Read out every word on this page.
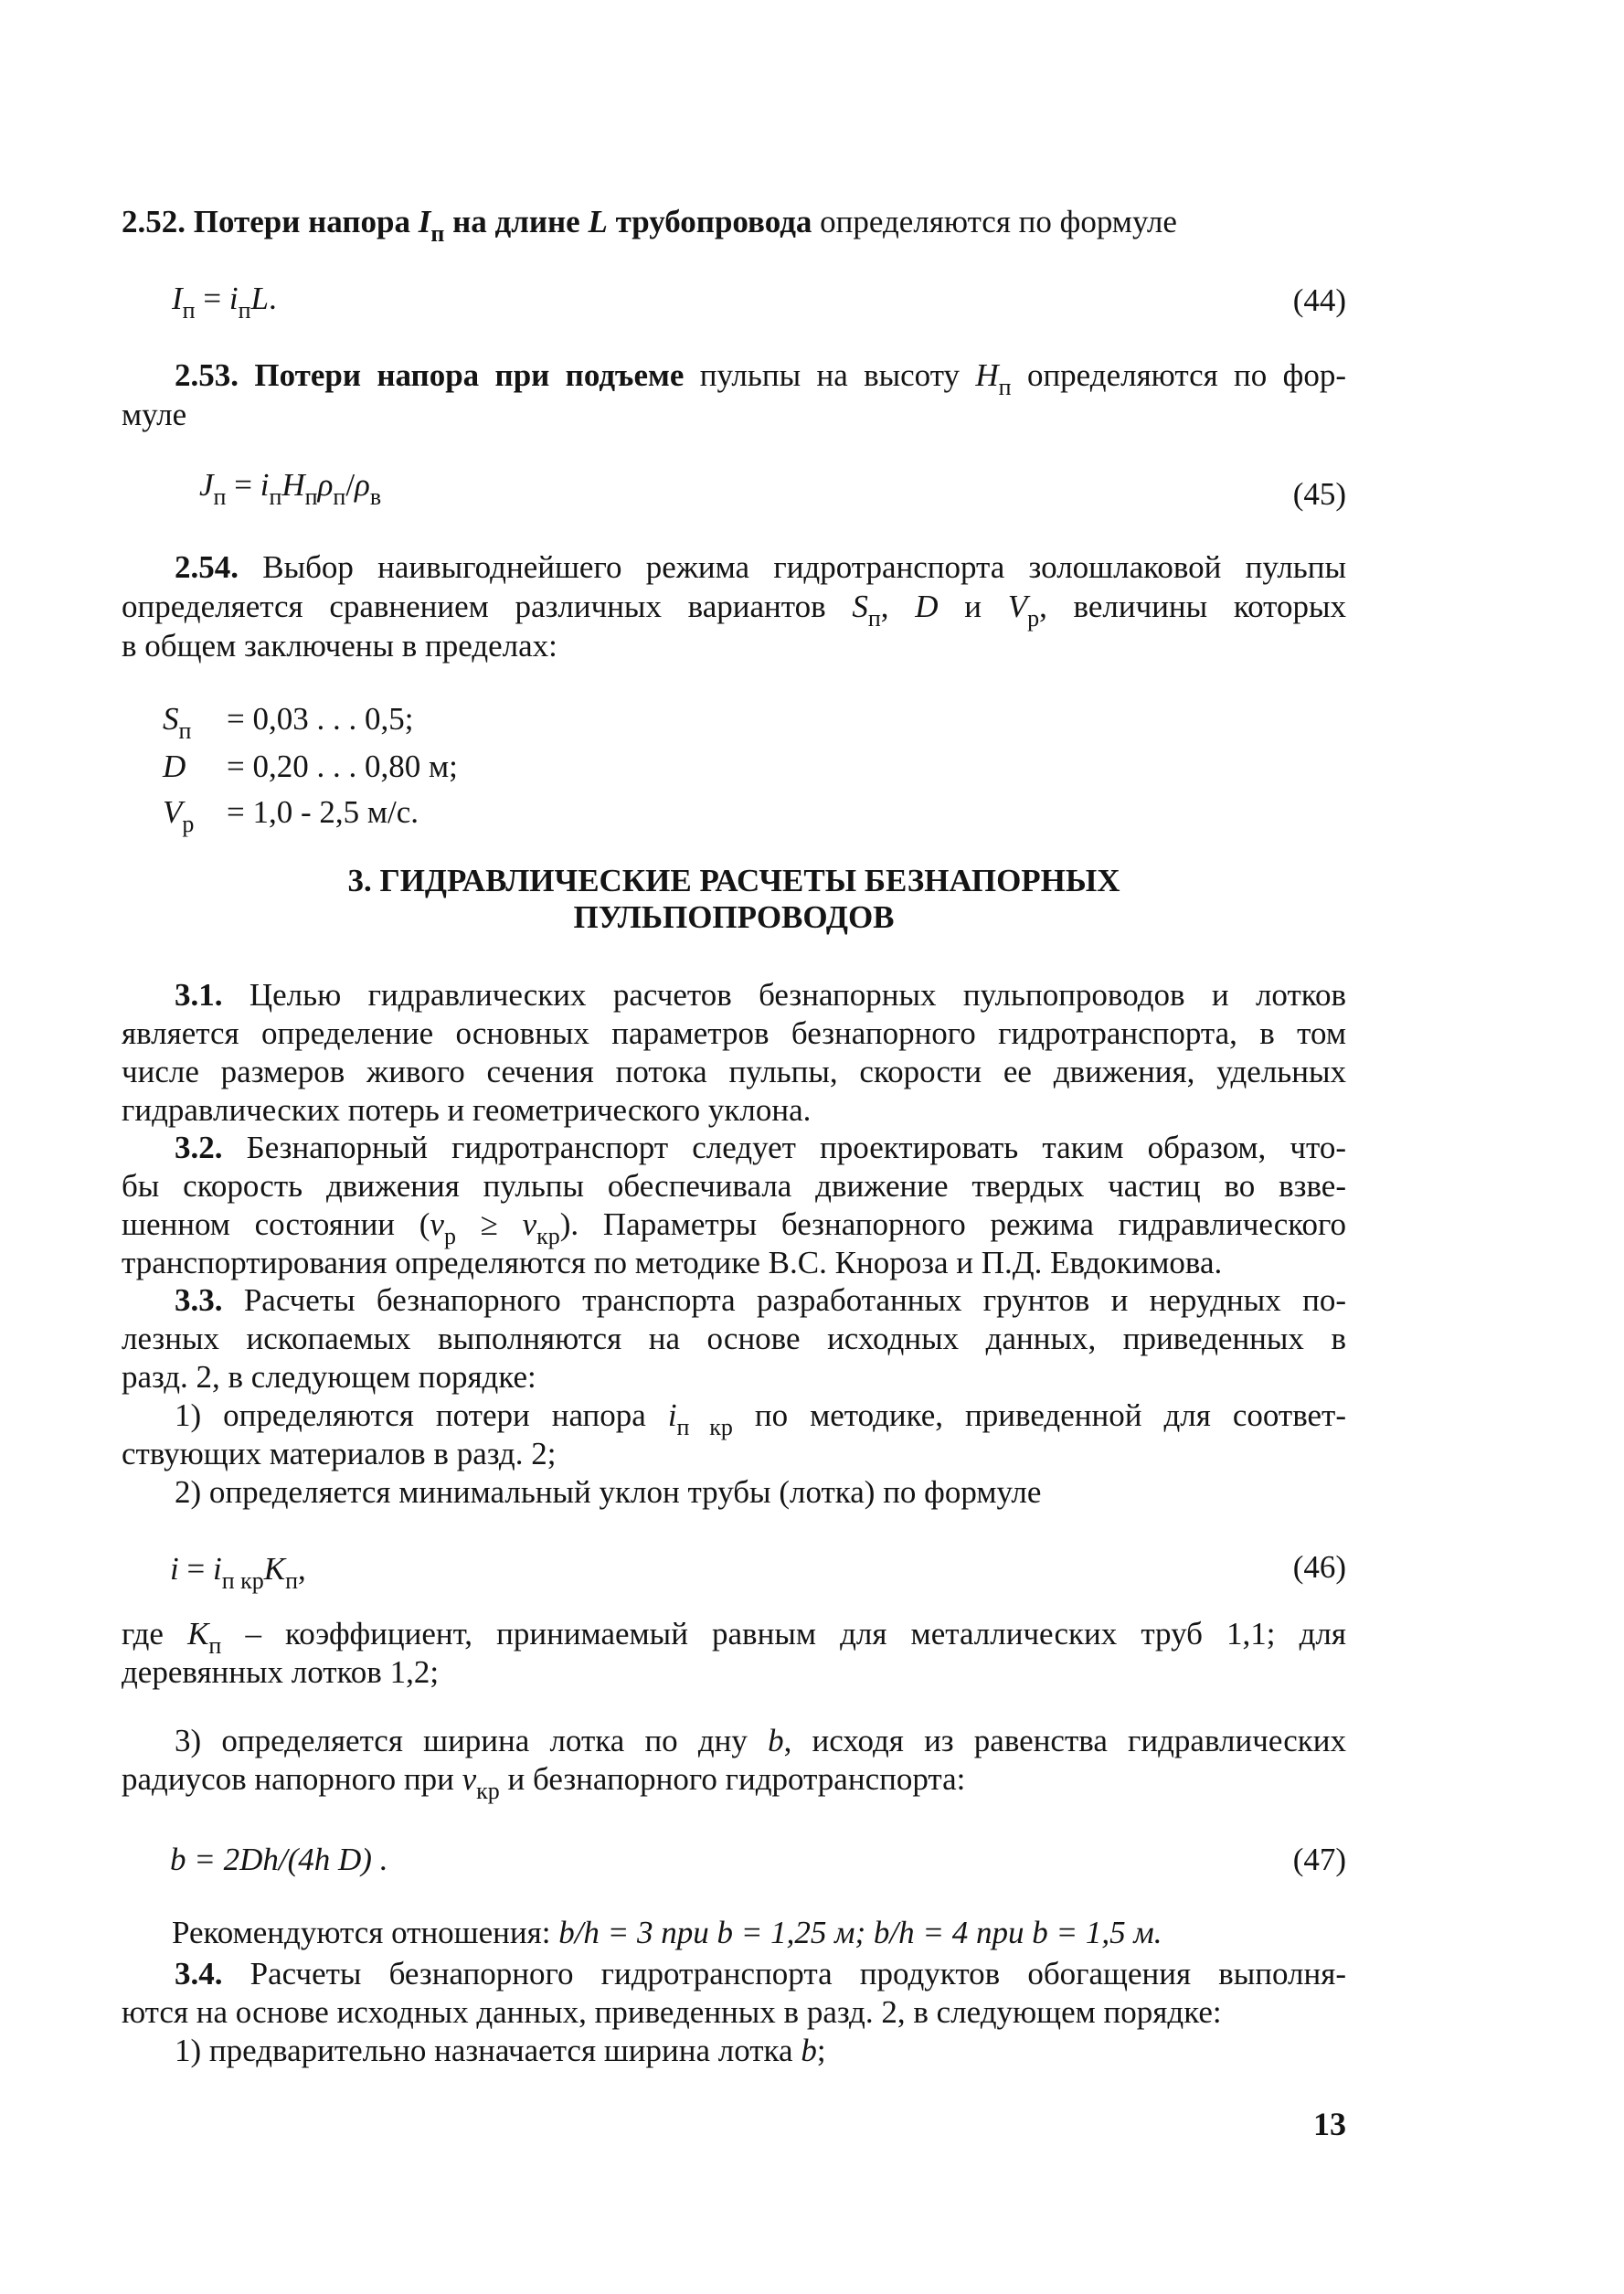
2.52. Потери напора $I_п$ на длине L трубопровода определяются по формуле
$I_п = i_пL$.	(44)
2.53. Потери напора при подъеме пульпы на высоту $H_п$ определяются по фор-
муле
$J_п = i_пH_п\rho_п/\rho_в$	(45)
2.54. Выбор наивыгоднейшего режима гидротранспорта золошлаковой пульпы
определяется сравнением различных вариантов $S_п$, D и $V_р$, величины которых
в общем заключены в пределах:
$S_п = 0,03$ . . . 0,5;
D = 0,20 . . . 0,80 м;
$V_р = 1,0 - 2,5$ м/с.
3. ГИДРАВЛИЧЕСКИЕ РАСЧЕТЫ БЕЗНАПОРНЫХ
ПУЛЬПОПРОВОДОВ
3.1. Целью гидравлических расчетов безнапорных пульпопроводов и лотков
является определение основных параметров безнапорного гидротранспорта, в том
числе размеров живого сечения потока пульпы, скорости ее движения, удельных
гидравлических потерь и геометрического уклона.
3.2. Безнапорный гидротранспорт следует проектировать таким образом, что-
бы скорость движения пульпы обеспечивала движение твердых частиц во взве-
шенном состоянии $(\nu_р \ge \nu_{кр})$. Параметры безнапорного режима гидравлического
транспортирования определяются по методике В.С. Кнороза и П.Д. Евдокимова.
3.3. Расчеты безнапорного транспорта разработанных грунтов и нерудных по-
лезных ископаемых выполняются на основе исходных данных, приведенных в
разд. 2, в следующем порядке:
1) определяются потери напора $i_{п кр}$ по методике, приведенной для соответ-
ствующих материалов в разд. 2;
2) определяется минимальный уклон трубы (лотка) по формуле
$i = i_{п кр}K_п$,	(46)
где $K_п$ – коэффициент, принимаемый равным для металлических труб 1,1; для
деревянных лотков 1,2;
3) определяется ширина лотка по дну b, исходя из равенства гидравлических
радиусов напорного при $\nu_{кр}$ и безнапорного гидротранспорта:
b = 2Dh/(4h D) .	(47)
Рекомендуются отношения: b/h = 3 при b = 1,25 м; b/h = 4 при b = 1,5 м.
3.4. Расчеты безнапорного гидротранспорта продуктов обогащения выполня-
ются на основе исходных данных, приведенных в разд. 2, в следующем порядке:
1) предварительно назначается ширина лотка b;
13
